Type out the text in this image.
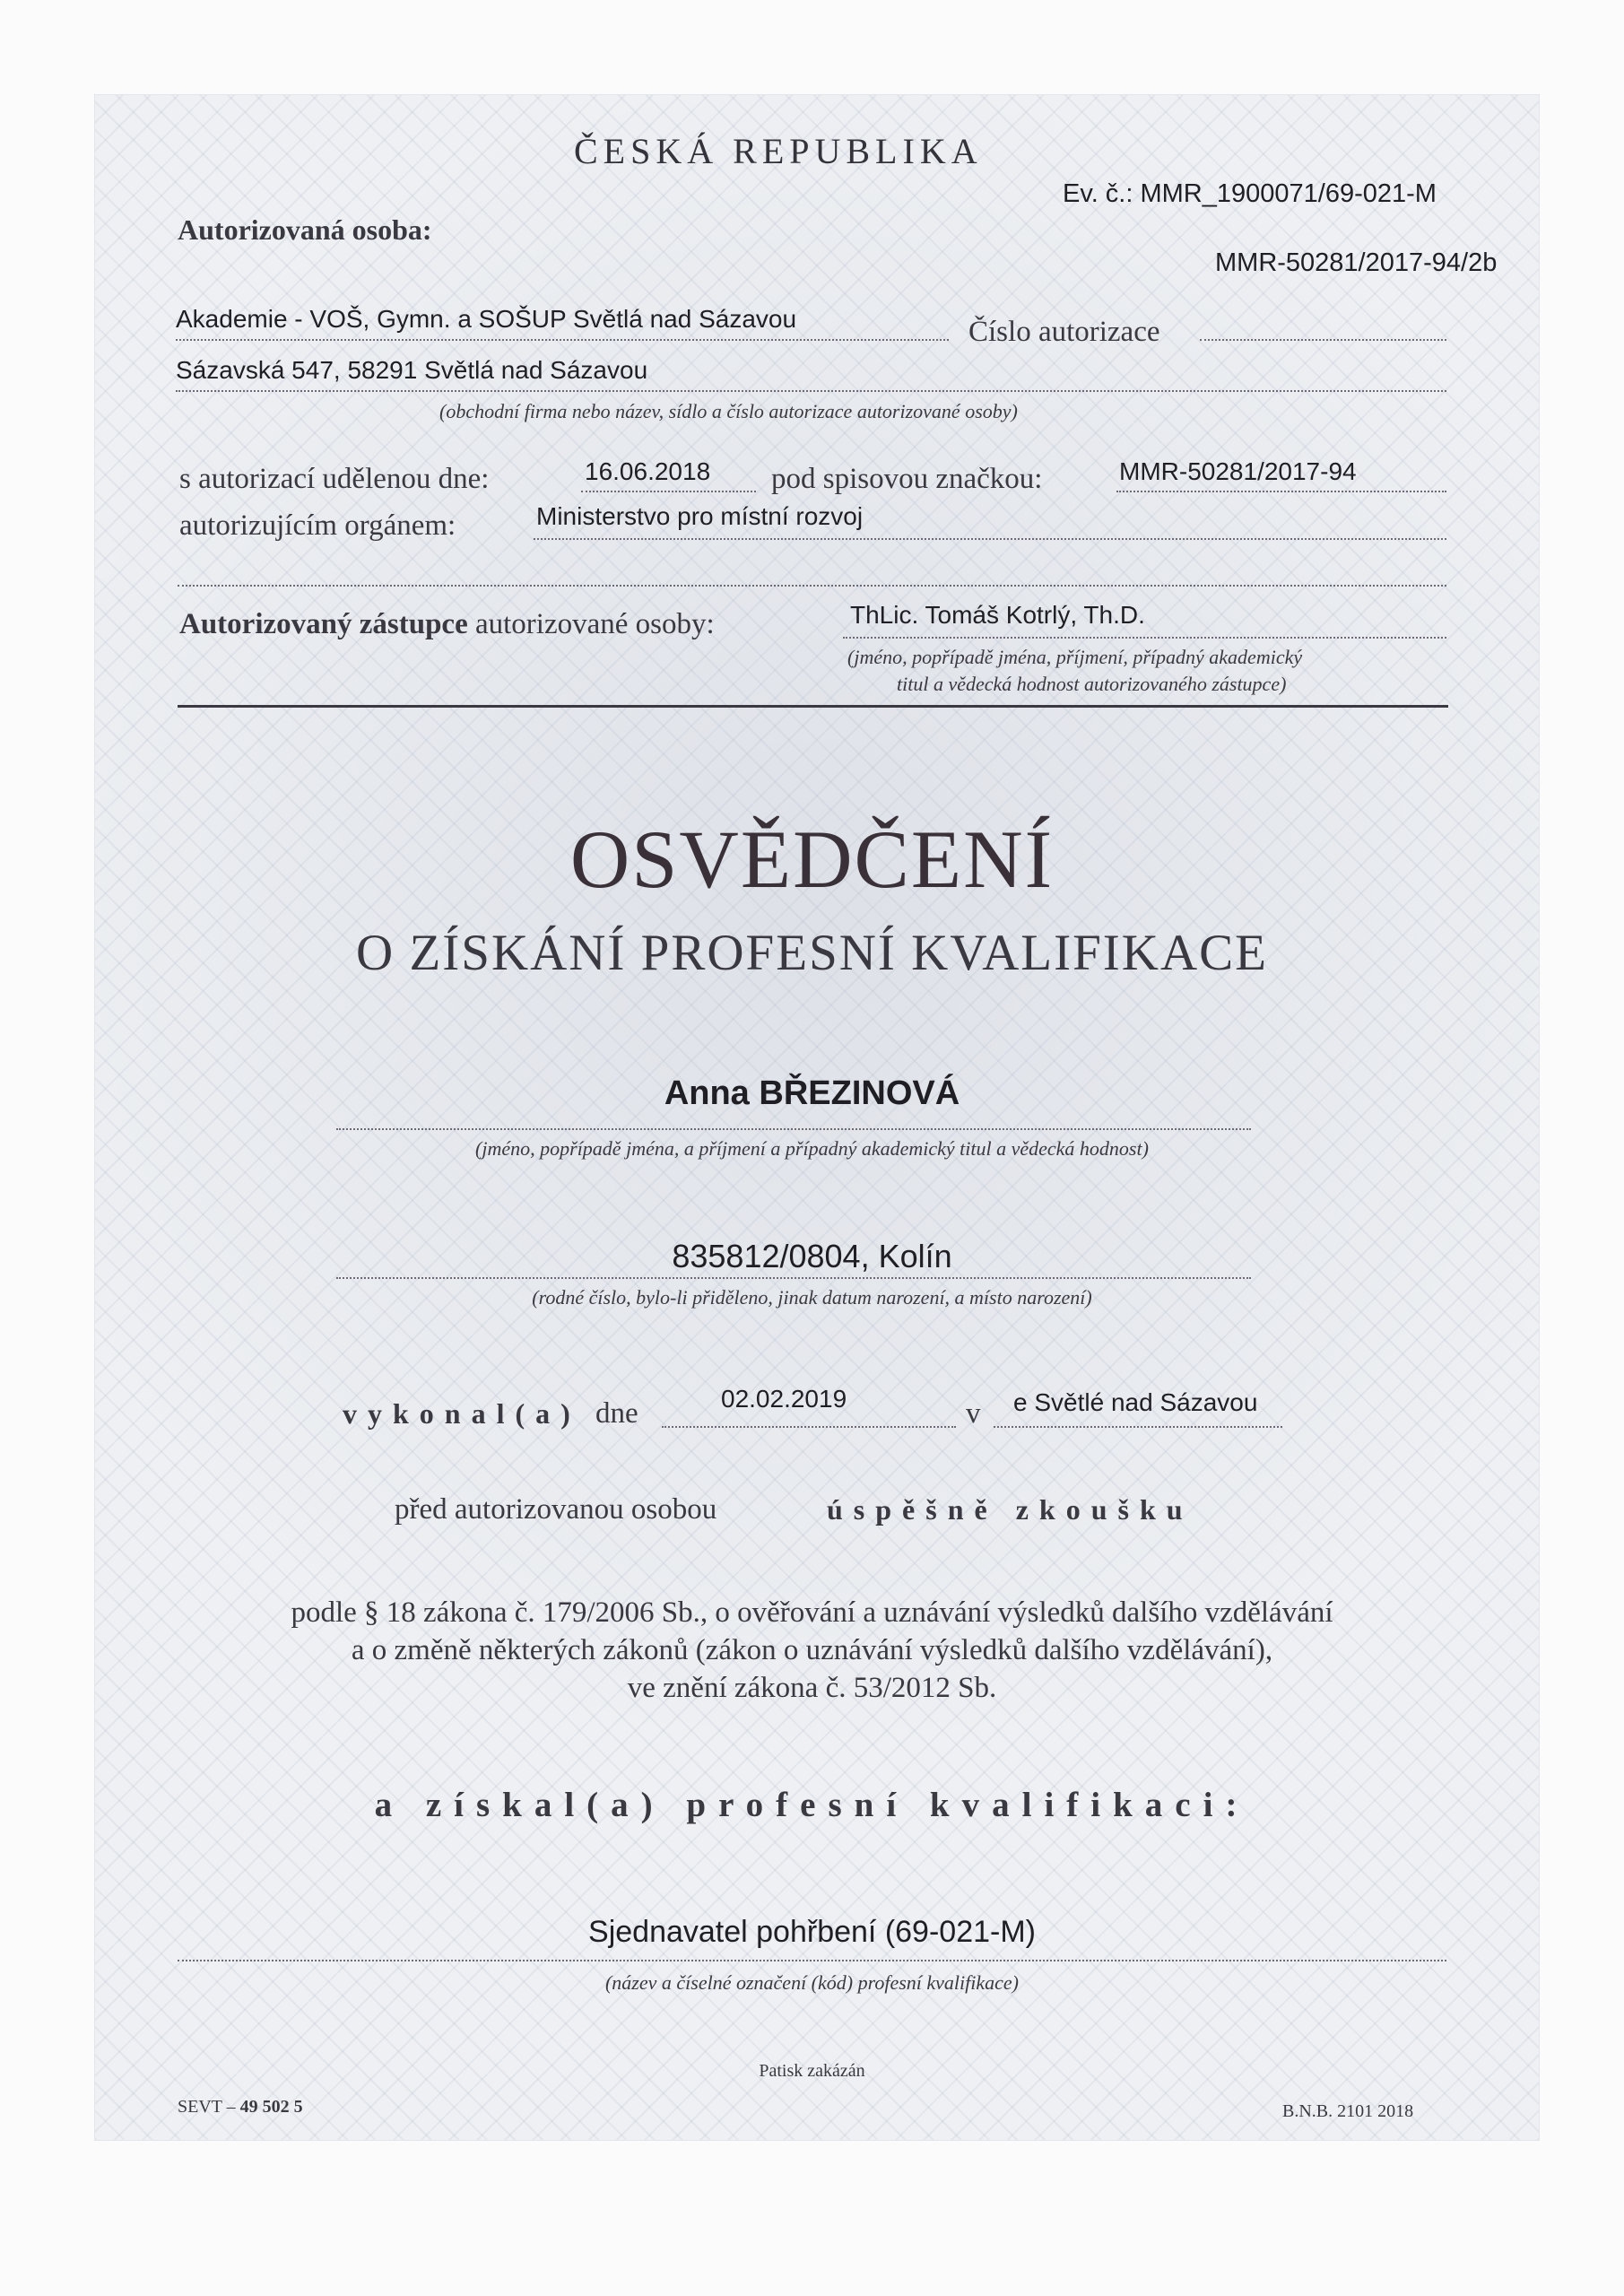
ČESKÁ REPUBLIKA
Ev. č.: MMR_1900071/69-021-M
Autorizovaná osoba:
MMR-50281/2017-94/2b
Akademie - VOŠ, Gymn. a SOŠUP Světlá nad Sázavou	Číslo autorizace
Sázavská 547, 58291 Světlá nad Sázavou
(obchodní firma nebo název, sídlo a číslo autorizace autorizované osoby)
s autorizací udělenou dne:	16.06.2018 pod spisovou značkou:	MMR-50281/2017-94
autorizujícím orgánem:	Ministerstvo pro místní rozvoj
Autorizovaný zástupce autorizované osoby:	ThLic. Tomáš Kotrlý, Th.D.
(jméno, popřípadě jména, příjmení, případný akademický
titul a vědecká hodnost autorizovaného zástupce)
OSVĚDČENÍ
O ZÍSKÁNÍ PROFESNÍ KVALIFIKACE
Anna BŘEZINOVÁ
(jméno, popřípadě jména, a příjmení a případný akademický titul a vědecká hodnost)
835812/0804, Kolín
(rodné číslo, bylo-li přiděleno, jinak datum narození, a místo narození)
vykonal(a) dne	02.02.2019	v e Světlé nad Sázavou
před autorizovanou osobou	úspěšně zkoušku
podle § 18 zákona č. 179/2006 Sb., o ověřování a uznávání výsledků dalšího vzdělávání
a o změně některých zákonů (zákon o uznávání výsledků dalšího vzdělávání),
ve znění zákona č. 53/2012 Sb.
a získal(a) profesní kvalifikaci:
Sjednavatel pohřbení (69-021-M)
(název a číselné označení (kód) profesní kvalifikace)
Patisk zakázán
SEVT – 49 502 5	B.N.B. 2101 2018
